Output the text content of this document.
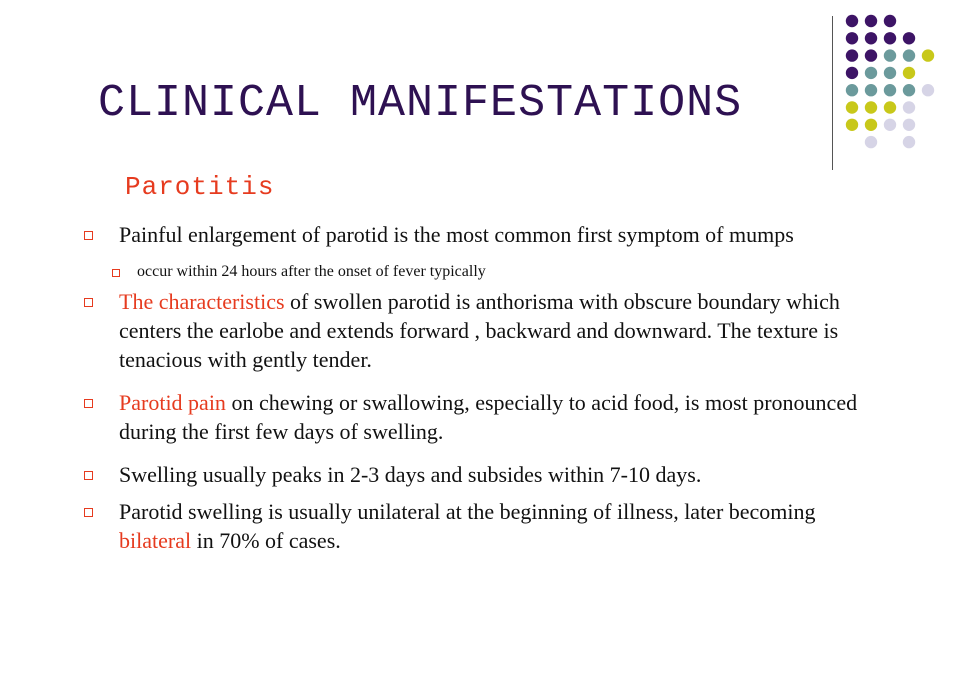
CLINICAL MANIFESTATIONS
Parotitis
Painful enlargement of parotid is the most common first symptom of mumps
occur within 24 hours after the onset of fever typically
The characteristics of swollen parotid is anthorisma with obscure boundary which centers the earlobe and extends forward , backward and downward. The texture is tenacious with gently tender.
Parotid pain on chewing or swallowing, especially to acid food, is most pronounced during the first few days of swelling.
Swelling usually peaks in 2-3 days and subsides within 7-10 days.
Parotid swelling is usually unilateral at the beginning of illness, later becoming bilateral in 70% of cases.
